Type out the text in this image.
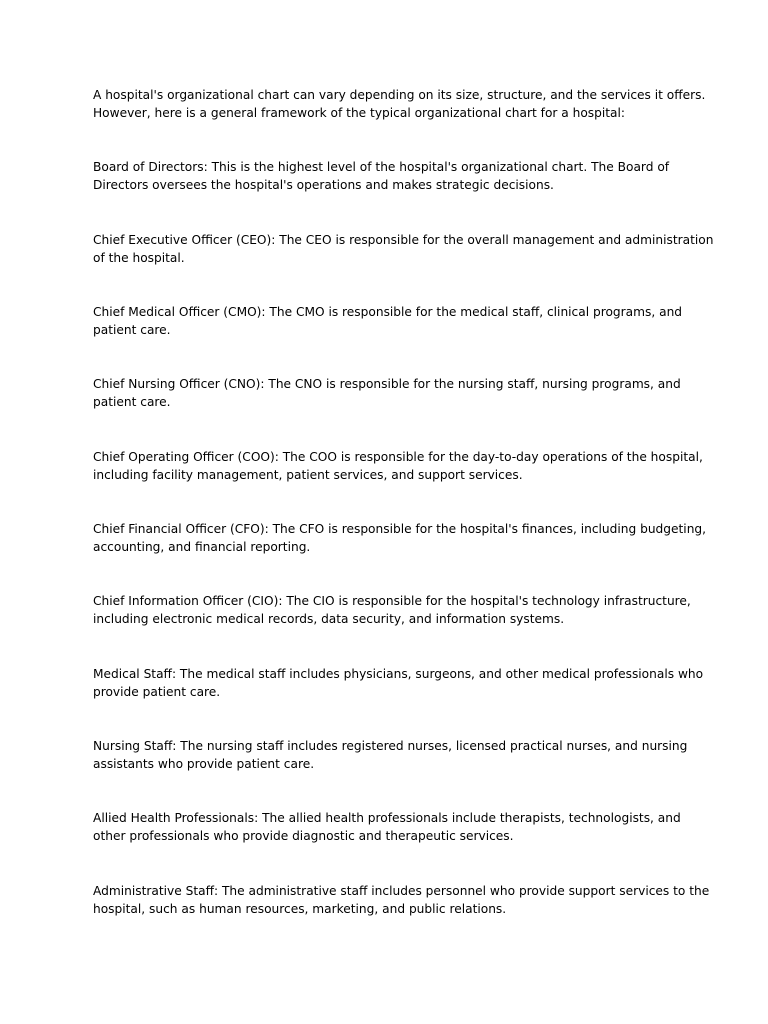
A hospital's organizational chart can vary depending on its size, structure, and the services it offers.
However, here is a general framework of the typical organizational chart for a hospital:

Board of Directors: This is the highest level of the hospital's organizational chart. The Board of
Directors oversees the hospital's operations and makes strategic decisions.

Chief Executive Officer (CEO): The CEO is responsible for the overall management and administration
of the hospital.

Chief Medical Officer (CMO): The CMO is responsible for the medical staff, clinical programs, and
patient care.

Chief Nursing Officer (CNO): The CNO is responsible for the nursing staff, nursing programs, and
patient care.

Chief Operating Officer (COO): The COO is responsible for the day-to-day operations of the hospital,
including facility management, patient services, and support services.

Chief Financial Officer (CFO): The CFO is responsible for the hospital's finances, including budgeting,
accounting, and financial reporting.

Chief Information Officer (CIO): The CIO is responsible for the hospital's technology infrastructure,
including electronic medical records, data security, and information systems.

Medical Staff: The medical staff includes physicians, surgeons, and other medical professionals who
provide patient care.

Nursing Staff: The nursing staff includes registered nurses, licensed practical nurses, and nursing
assistants who provide patient care.

Allied Health Professionals: The allied health professionals include therapists, technologists, and
other professionals who provide diagnostic and therapeutic services.

Administrative Staff: The administrative staff includes personnel who provide support services to the
hospital, such as human resources, marketing, and public relations.
